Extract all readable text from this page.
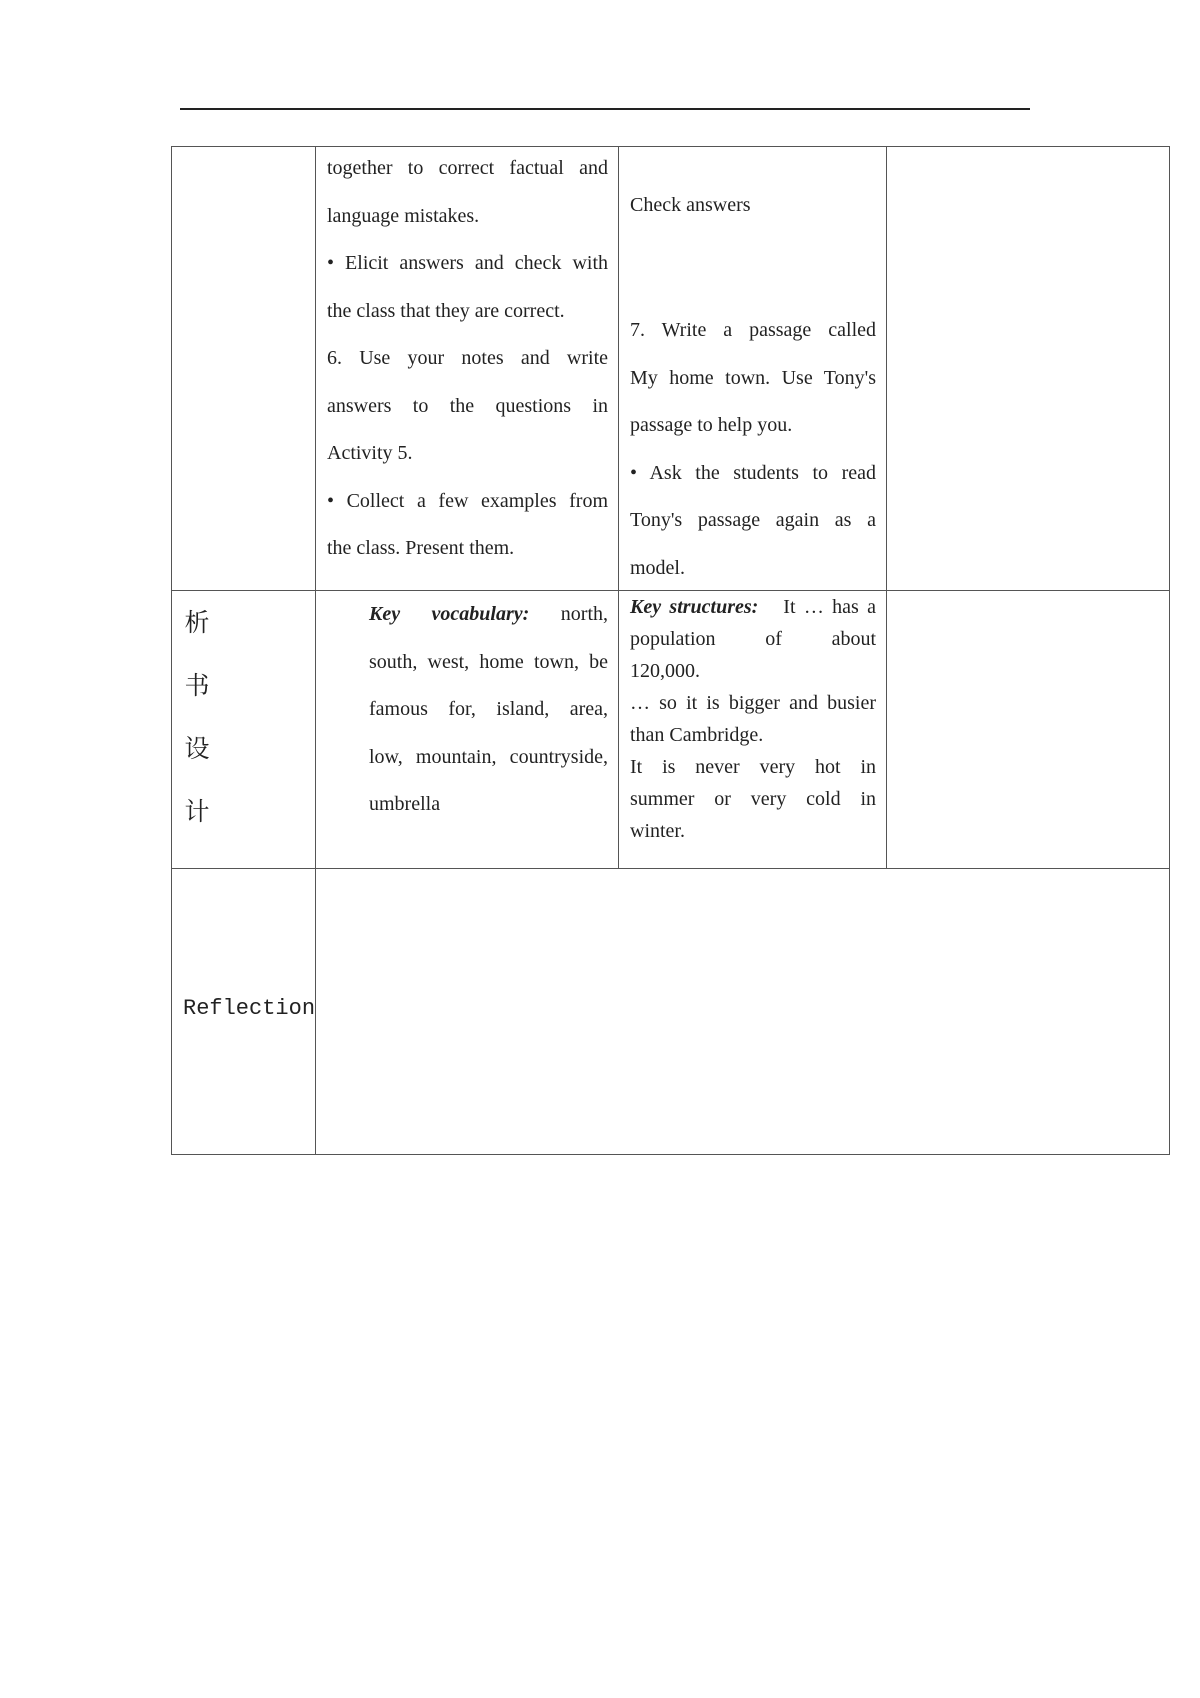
together to correct factual and

language mistakes.

• Elicit answers and check with

the class that they are correct.

6. Use your notes and write

answers to the questions in

Activity 5.

• Collect a few examples from

the class. Present them.

Check answers

7. Write a passage called

My home town. Use Tony's

passage to help you.

• Ask the students to read

Tony's passage again as a

model.

析
书
设
计

Key vocabulary: north,

south, west, home town, be

famous for, island, area,

low, mountain, countryside,

umbrella

Key structures: It … has a

population of about

120,000.

… so it is bigger and busier

than Cambridge.

It is never very hot in

summer or very cold in

winter.

Reflection
